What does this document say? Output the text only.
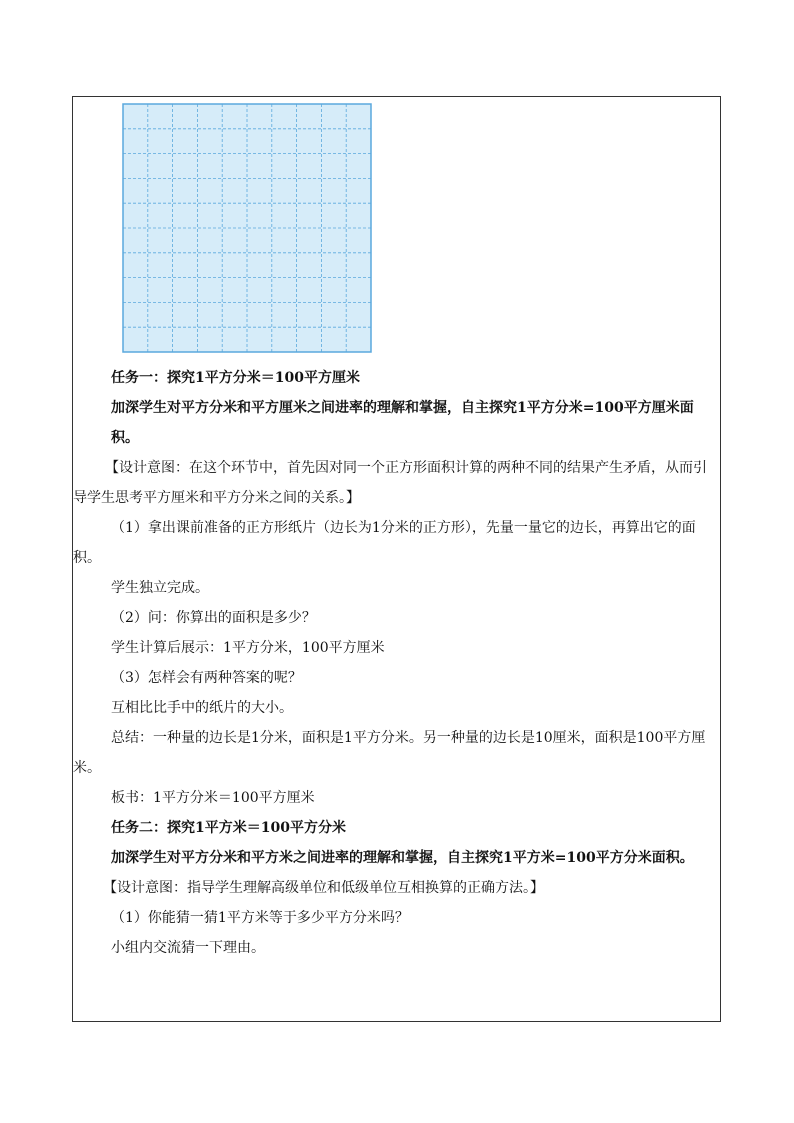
任务一：探究1平方分米＝100平方厘米

加深学生对平方分米和平方厘米之间进率的理解和掌握，自主探究1平方分米=100平方厘米面积。

【设计意图：在这个环节中，首先因对同一个正方形面积计算的两种不同的结果产生矛盾，从而引导学生思考平方厘米和平方分米之间的关系。】

（1）拿出课前准备的正方形纸片（边长为1分米的正方形），先量一量它的边长，再算出它的面积。

学生独立完成。

（2）问：你算出的面积是多少？

学生计算后展示：1平方分米，100平方厘米

（3）怎样会有两种答案的呢？

互相比比手中的纸片的大小。

总结：一种量的边长是1分米，面积是1平方分米。另一种量的边长是10厘米，面积是100平方厘米。

板书：1平方分米＝100平方厘米

任务二：探究1平方米＝100平方分米

加深学生对平方分米和平方米之间进率的理解和掌握，自主探究1平方米=100平方分米面积。

【设计意图：指导学生理解高级单位和低级单位互相换算的正确方法。】

（1）你能猜一猜1平方米等于多少平方分米吗？

小组内交流猜一下理由。
